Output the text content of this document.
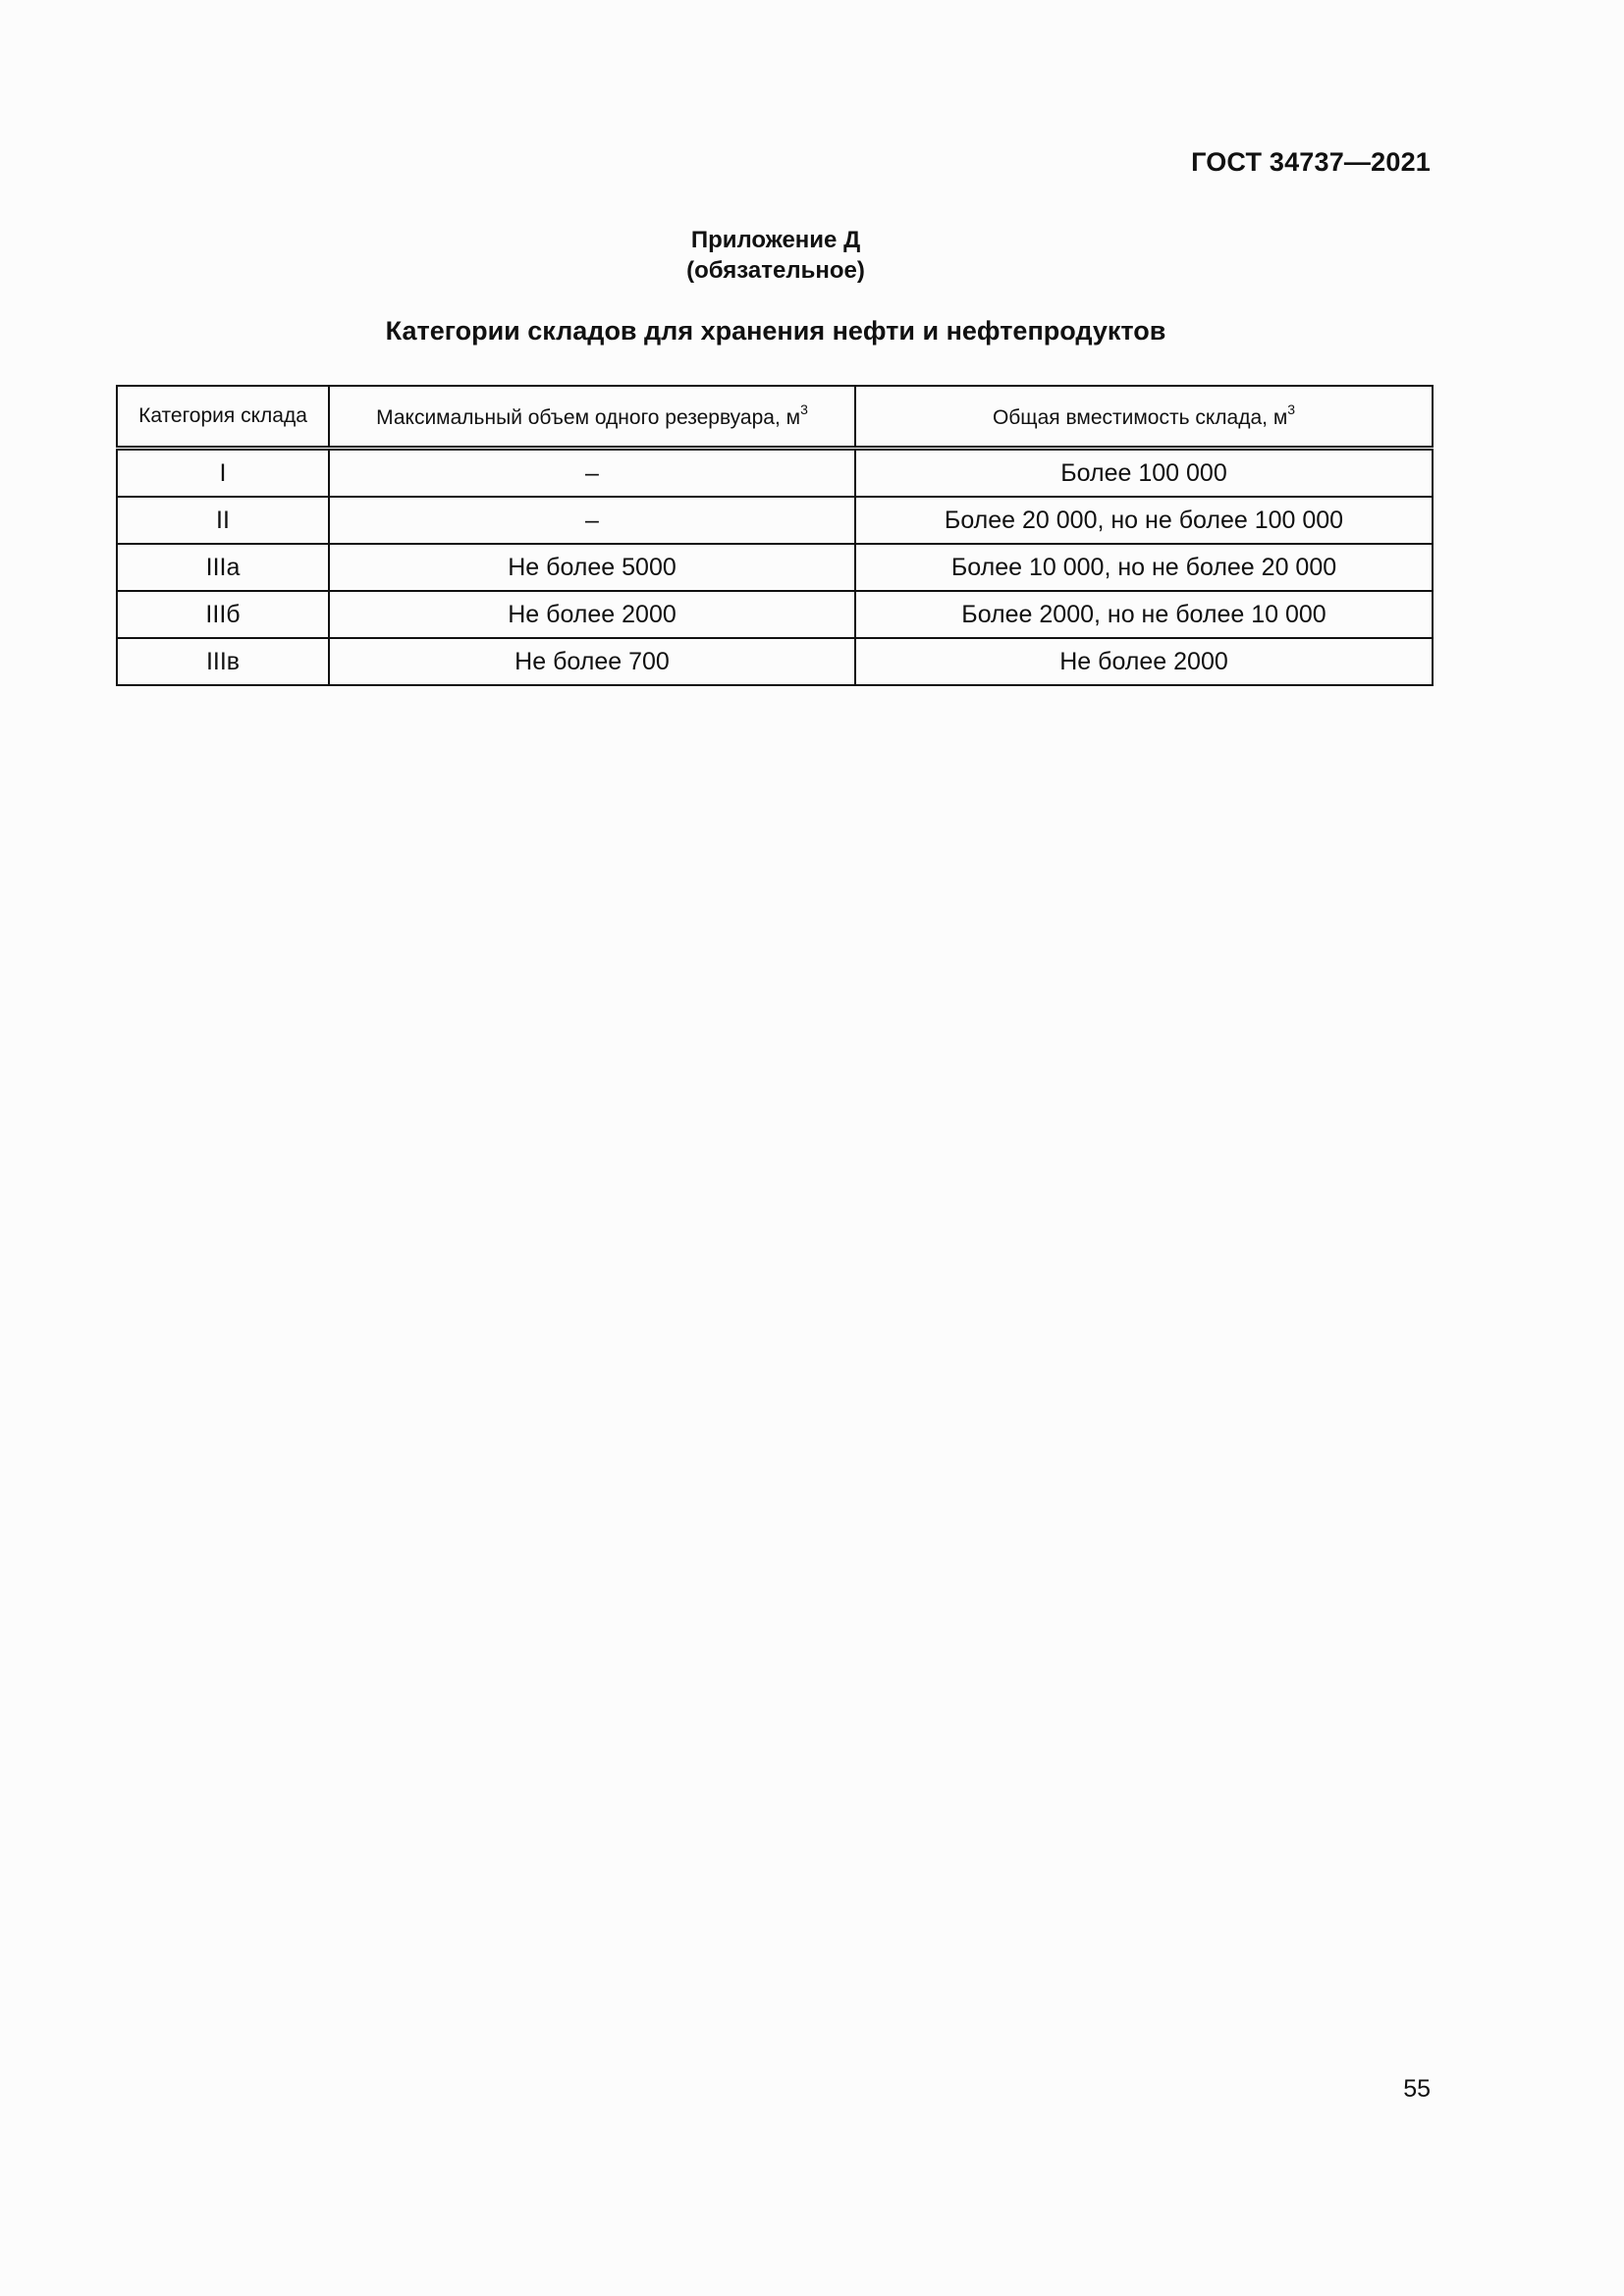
ГОСТ 34737—2021
Приложение Д
(обязательное)
Категории складов для хранения нефти и нефтепродуктов
Категория склада	Максимальный объем одного резервуара, $м^3$	Общая вместимость склада, $м^3$
I	–	Более 100 000
II	–	Более 20 000, но не более 100 000
IIIа	Не более 5000	Более 10 000, но не более 20 000
IIIб	Не более 2000	Более 2000, но не более 10 000
IIIв	Не более 700	Не более 2000
55
